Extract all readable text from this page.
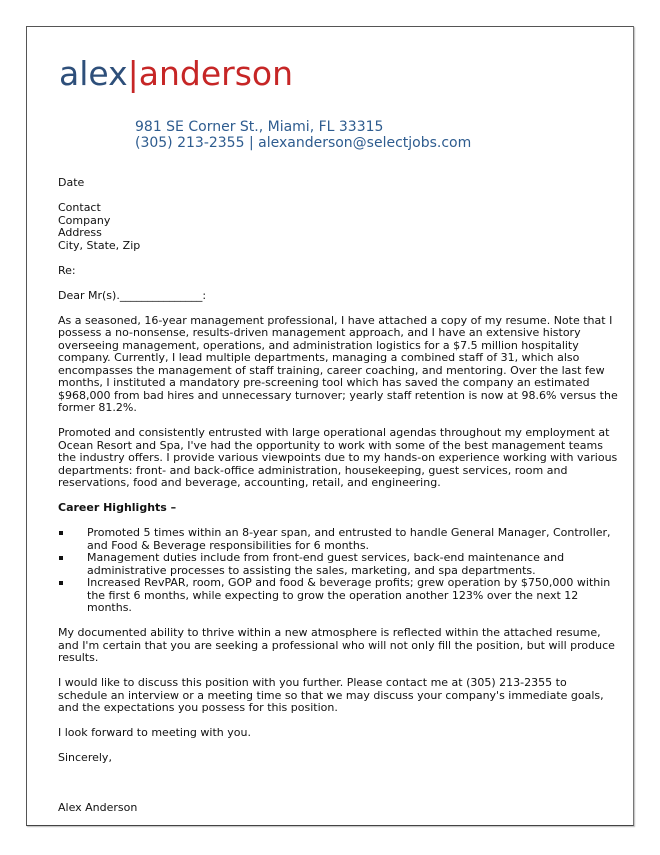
alex|anderson
981 SE Corner St., Miami, FL 33315
(305) 213-2355 | alexanderson@selectjobs.com

Date

Contact

Company

Address

City, State, Zip

Re:

Dear Mr(s)._______________:

As a seasoned, 16-year management professional, I have attached a copy of my resume. Note that I possess a no-nonsense, results-driven management approach, and I have an extensive history overseeing management, operations, and administration logistics for a $7.5 million hospitality company. Currently, I lead multiple departments, managing a combined staff of 31, which also encompasses the management of staff training, career coaching, and mentoring. Over the last few months, I instituted a mandatory pre-screening tool which has saved the company an estimated $968,000 from bad hires and unnecessary turnover; yearly staff retention is now at 98.6% versus the former 81.2%.

Promoted and consistently entrusted with large operational agendas throughout my employment at Ocean Resort and Spa, I've had the opportunity to work with some of the best management teams the industry offers. I provide various viewpoints due to my hands-on experience working with various departments: front- and back-office administration, housekeeping, guest services, room and reservations, food and beverage, accounting, retail, and engineering.

Career Highlights –

Promoted 5 times within an 8-year span, and entrusted to handle General Manager, Controller, and Food & Beverage responsibilities for 6 months.
Management duties include from front-end guest services, back-end maintenance and administrative processes to assisting the sales, marketing, and spa departments.
Increased RevPAR, room, GOP and food & beverage profits; grew operation by $750,000 within the first 6 months, while expecting to grow the operation another 123% over the next 12 months.

My documented ability to thrive within a new atmosphere is reflected within the attached resume, and I'm certain that you are seeking a professional who will not only fill the position, but will produce results.

I would like to discuss this position with you further. Please contact me at (305) 213-2355 to schedule an interview or a meeting time so that we may discuss your company's immediate goals, and the expectations you possess for this position.

I look forward to meeting with you.

Sincerely,

Alex Anderson
